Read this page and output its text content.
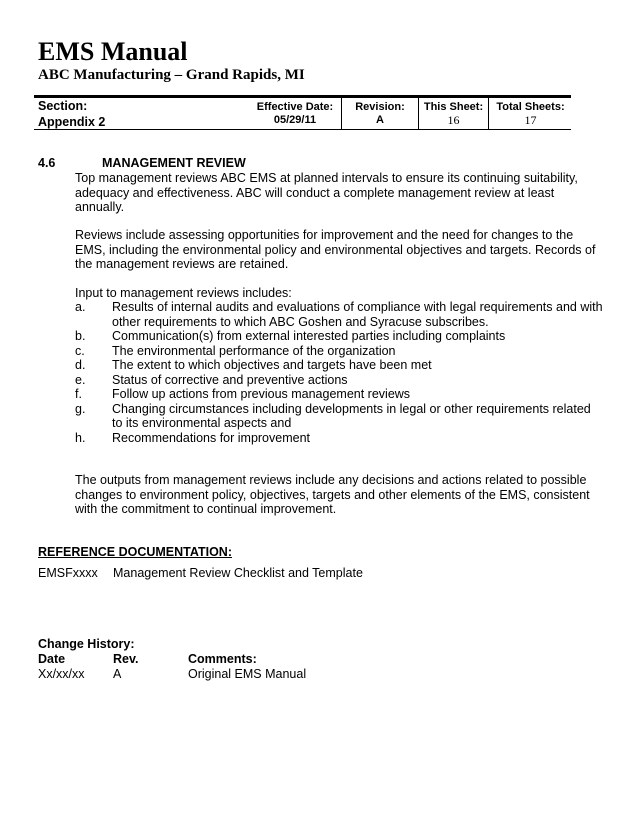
EMS Manual
ABC Manufacturing – Grand Rapids, MI
Section:
Appendix 2
Effective Date:
05/29/11
Revision:
A
This Sheet:
16
Total Sheets:
17
4.6	MANAGEMENT REVIEW
Top management reviews ABC EMS at planned intervals to ensure its continuing suitability, adequacy and effectiveness. ABC will conduct a complete management review at least annually.
Reviews include assessing opportunities for improvement and the need for changes to the EMS, including the environmental policy and environmental objectives and targets. Records of the management reviews are retained.
Input to management reviews includes:
a. Results of internal audits and evaluations of compliance with legal requirements and with other requirements to which ABC Goshen and Syracuse subscribes.
b. Communication(s) from external interested parties including complaints
c. The environmental performance of the organization
d. The extent to which objectives and targets have been met
e. Status of corrective and preventive actions
f. Follow up actions from previous management reviews
g. Changing circumstances including developments in legal or other requirements related to its environmental aspects and
h. Recommendations for improvement
The outputs from management reviews include any decisions and actions related to possible changes to environment policy, objectives, targets and other elements of the EMS, consistent with the commitment to continual improvement.
REFERENCE DOCUMENTATION:
EMSFxxxx Management Review Checklist and Template
Change History:
Date	Rev.	Comments:
Xx/xx/xx A	Original EMS Manual
